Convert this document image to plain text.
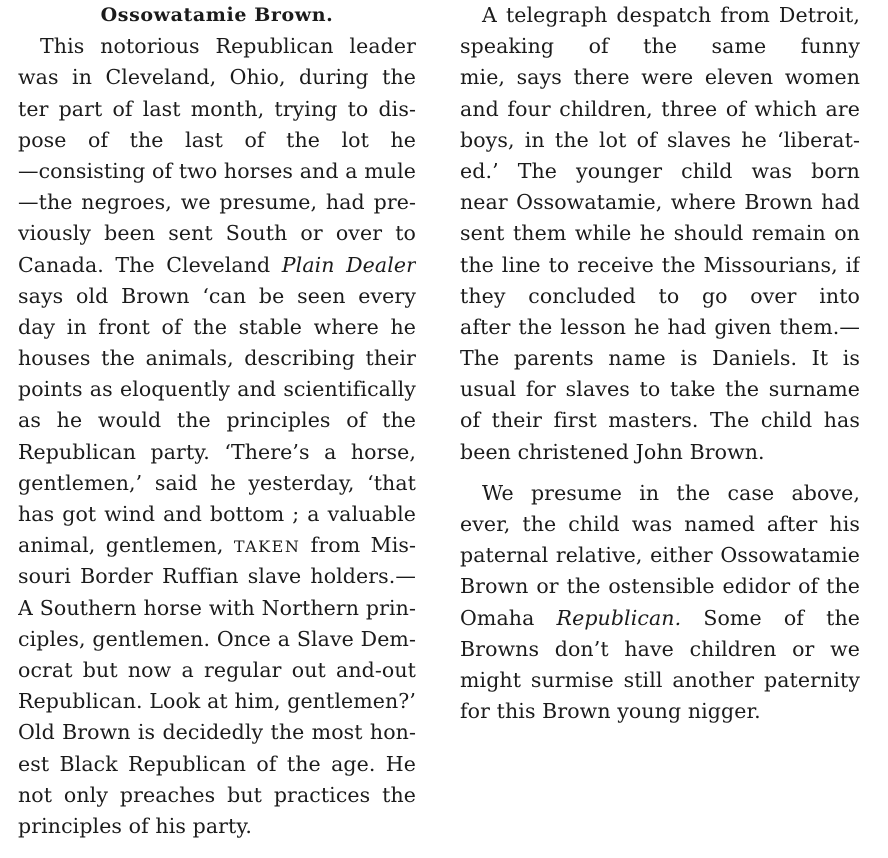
Ossowatamie Brown.
This notorious Republican leader
was in Cleveland, Ohio, during the
ter part of last month, trying to dis-
pose of the last of the lot he
—consisting of two horses and a mule
—the negroes, we presume, had pre-
viously been sent South or over to
Canada. The Cleveland Plain Dealer
says old Brown ‘can be seen every
day in front of the stable where he
houses the animals, describing their
points as eloquently and scientifically
as he would the principles of the
Republican party. ‘There’s a horse,
gentlemen,’ said he yesterday, ‘that
has got wind and bottom ; a valuable
animal, gentlemen, TAKEN from Mis-
souri Border Ruffian slave holders.—
A Southern horse with Northern prin-
ciples, gentlemen. Once a Slave Dem-
ocrat but now a regular out and-out
Republican. Look at him, gentlemen?’
Old Brown is decidedly the most hon-
est Black Republican of the age. He
not only preaches but practices the
principles of his party.
A telegraph despatch from Detroit,
speaking of the same funny
mie, says there were eleven women
and four children, three of which are
boys, in the lot of slaves he ‘liberat-
ed.’ The younger child was born
near Ossowatamie, where Brown had
sent them while he should remain on
the line to receive the Missourians, if
they concluded to go over into
after the lesson he had given them.—
The parents name is Daniels. It is
usual for slaves to take the surname
of their first masters. The child has
been christened John Brown.
We presume in the case above,
ever, the child was named after his
paternal relative, either Ossowatamie
Brown or the ostensible edidor of the
Omaha Republican. Some of the
Browns don’t have children or we
might surmise still another paternity
for this Brown young nigger.
